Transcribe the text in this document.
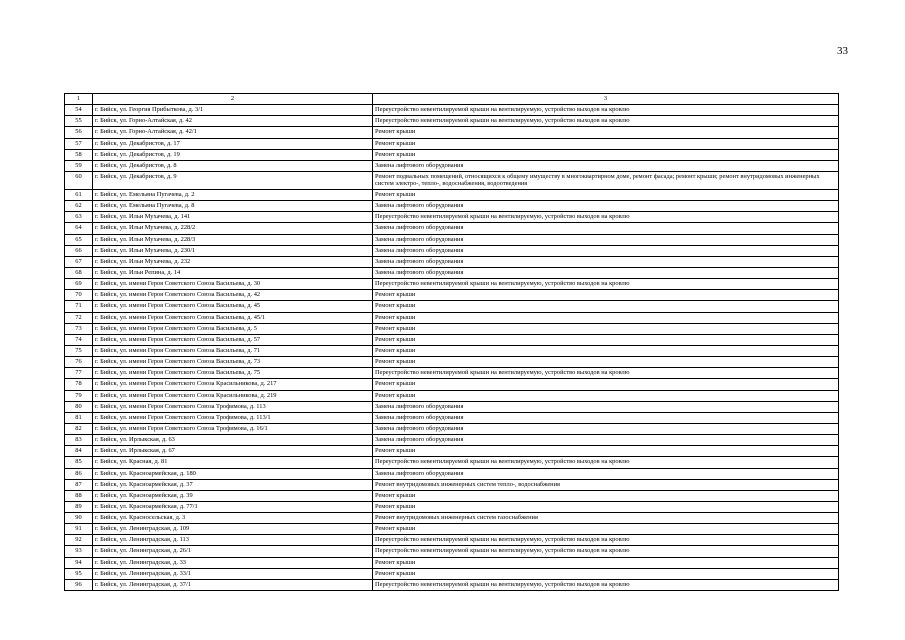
33
1	2	3
54	г. Бийск, ул. Георгия Прибыткова, д. 3/1	Переустройство невентилируемой крыши на вентилируемую, устройство выходов на кровлю
55	г. Бийск, ул. Горно-Алтайская, д. 42	Переустройство невентилируемой крыши на вентилируемую, устройство выходов на кровлю
56	г. Бийск, ул. Горно-Алтайская, д. 42/1	Ремонт крыши
57	г. Бийск, ул. Декабристов, д. 17	Ремонт крыши
58	г. Бийск, ул. Декабристов, д. 19	Ремонт крыши
59	г. Бийск, ул. Декабристов, д. 8	Замена лифтового оборудования
60	г. Бийск, ул. Декабристов, д. 9	Ремонт подвальных помещений, относящихся к общему имуществу в многоквартирном доме, ремонт фасада; ремонт крыши; ремонт внутридомовых инженерных систем электро-, тепло-, водоснабжения, водоотведения
61	г. Бийск, ул. Емельяна Пугачева, д. 2	Ремонт крыши
62	г. Бийск, ул. Емельяна Пугачева, д. 8	Замена лифтового оборудования
63	г. Бийск, ул. Ильи Мухачева, д. 141	Переустройство невентилируемой крыши на вентилируемую, устройство выходов на кровлю
64	г. Бийск, ул. Ильи Мухачева, д. 228/2	Замена лифтового оборудования
65	г. Бийск, ул. Ильи Мухачева, д. 228/3	Замена лифтового оборудования
66	г. Бийск, ул. Ильи Мухачева, д. 230/1	Замена лифтового оборудования
67	г. Бийск, ул. Ильи Мухачева, д. 232	Замена лифтового оборудования
68	г. Бийск, ул. Ильи Репина, д. 14	Замена лифтового оборудования
69	г. Бийск, ул. имени Героя Советского Союза Васильева, д. 30	Переустройство невентилируемой крыши на вентилируемую, устройство выходов на кровлю
70	г. Бийск, ул. имени Героя Советского Союза Васильева, д. 42	Ремонт крыши
71	г. Бийск, ул. имени Героя Советского Союза Васильева, д. 45	Ремонт крыши
72	г. Бийск, ул. имени Героя Советского Союза Васильева, д. 45/1	Ремонт крыши
73	г. Бийск, ул. имени Героя Советского Союза Васильева, д. 5	Ремонт крыши
74	г. Бийск, ул. имени Героя Советского Союза Васильева, д. 57	Ремонт крыши
75	г. Бийск, ул. имени Героя Советского Союза Васильева, д. 71	Ремонт крыши
76	г. Бийск, ул. имени Героя Советского Союза Васильева, д. 73	Ремонт крыши
77	г. Бийск, ул. имени Героя Советского Союза Васильева, д. 75	Переустройство невентилируемой крыши на вентилируемую, устройство выходов на кровлю
78	г. Бийск, ул. имени Героя Советского Союза Красильникова, д. 217	Ремонт крыши
79	г. Бийск, ул. имени Героя Советского Союза Красильникова, д. 219	Ремонт крыши
80	г. Бийск, ул. имени Героя Советского Союза Трофимова, д. 113	Замена лифтового оборудования
81	г. Бийск, ул. имени Героя Советского Союза Трофимова, д. 113/1	Замена лифтового оборудования
82	г. Бийск, ул. имени Героя Советского Союза Трофимова, д. 16/1	Замена лифтового оборудования
83	г. Бийск, ул. Ирлыкская, д. 63	Замена лифтового оборудования
84	г. Бийск, ул. Ирлыкская, д. 67	Ремонт крыши
85	г. Бийск, ул. Красная, д. 81	Переустройство невентилируемой крыши на вентилируемую, устройство выходов на кровлю
86	г. Бийск, ул. Красноармейская, д. 180	Замена лифтового оборудования
87	г. Бийск, ул. Красноармейская, д. 37	Ремонт внутридомовых инженерных систем тепло-, водоснабжения
88	г. Бийск, ул. Красноармейская, д. 39	Ремонт крыши
89	г. Бийск, ул. Красноармейская, д. 77/1	Ремонт крыши
90	г. Бийск, ул. Красносельская, д. 3	Ремонт внутридомовых инженерных систем газоснабжения
91	г. Бийск, ул. Ленинградская, д. 109	Ремонт крыши
92	г. Бийск, ул. Ленинградская, д. 113	Переустройство невентилируемой крыши на вентилируемую, устройство выходов на кровлю
93	г. Бийск, ул. Ленинградская, д. 26/1	Переустройство невентилируемой крыши на вентилируемую, устройство выходов на кровлю
94	г. Бийск, ул. Ленинградская, д. 33	Ремонт крыши
95	г. Бийск, ул. Ленинградская, д. 33/1	Ремонт крыши
96	г. Бийск, ул. Ленинградская, д. 37/1	Переустройство невентилируемой крыши на вентилируемую, устройство выходов на кровлю
